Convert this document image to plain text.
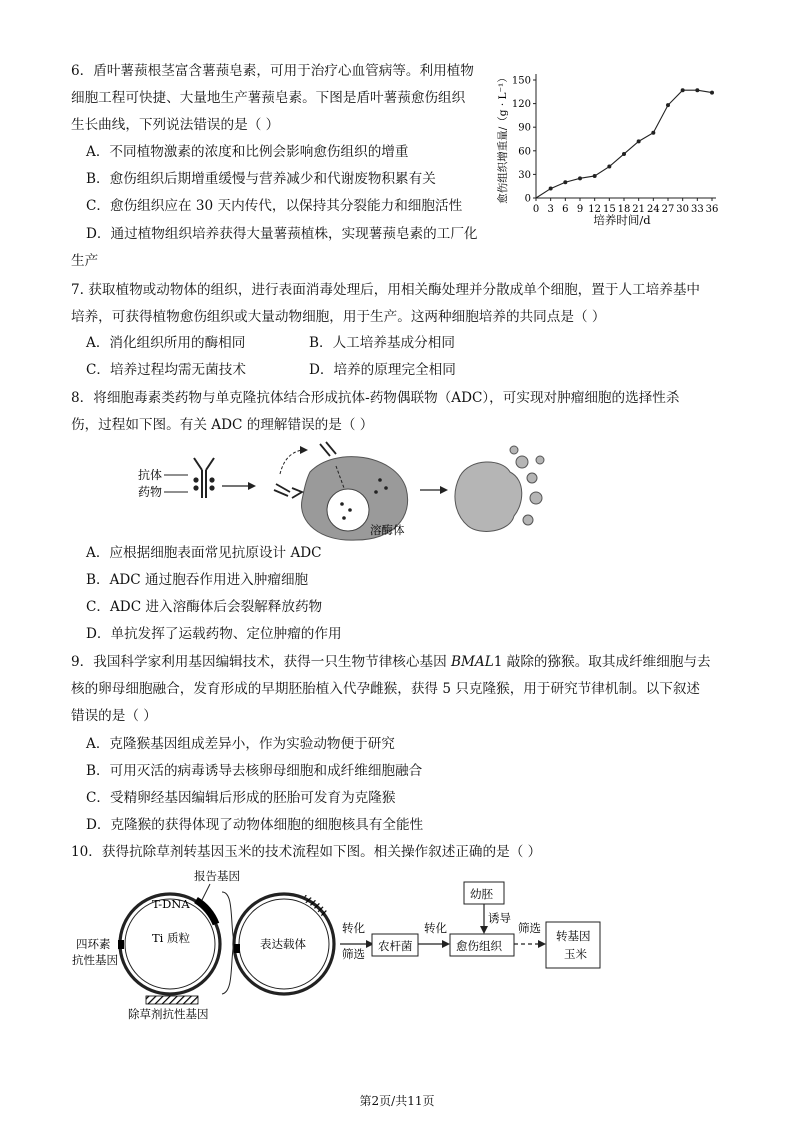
6．盾叶薯蓣根茎富含薯蓣皂素，可用于治疗心血管病等。利用植物
细胞工程可快捷、大量地生产薯蓣皂素。下图是盾叶薯蓣愈伤组织
生长曲线，下列说法错误的是（ ）
A．不同植物激素的浓度和比例会影响愈伤组织的增重
B．愈伤组织后期增重缓慢与营养减少和代谢废物积累有关
C．愈伤组织应在 30 天内传代，以保持其分裂能力和细胞活性
D．通过植物组织培养获得大量薯蓣植株，实现薯蓣皂素的工厂化
生产
0 3 6 9 12 15 18 21 24 27 30 33 36
0
30
60
90
120
150
愈伤组织增重量/（g · L⁻¹）
培养时间/d
7. 获取植物或动物体的组织，进行表面消毒处理后，用相关酶处理并分散成单个细胞，置于人工培养基中
培养，可获得植物愈伤组织或大量动物细胞，用于生产。这两种细胞培养的共同点是（ ）
A．消化组织所用的酶相同	B．人工培养基成分相同
C．培养过程均需无菌技术	D．培养的原理完全相同
8．将细胞毒素类药物与单克隆抗体结合形成抗体-药物偶联物（ADC），可实现对肿瘤细胞的选择性杀
伤，过程如下图。有关 ADC 的理解错误的是（ ）
抗体
药物
溶酶体
A．应根据细胞表面常见抗原设计 ADC
B．ADC 通过胞吞作用进入肿瘤细胞
C．ADC 进入溶酶体后会裂解释放药物
D．单抗发挥了运载药物、定位肿瘤的作用
9．我国科学家利用基因编辑技术，获得一只生物节律核心基因 BMAL1 敲除的猕猴。取其成纤维细胞与去
核的卵母细胞融合，发育形成的早期胚胎植入代孕雌猴，获得 5 只克隆猴，用于研究节律机制。以下叙述
错误的是（ ）
A．克隆猴基因组成差异小，作为实验动物便于研究
B．可用灭活的病毒诱导去核卵母细胞和成纤维细胞融合
C．受精卵经基因编辑后形成的胚胎可发育为克隆猴
D．克隆猴的获得体现了动物体细胞的细胞核具有全能性
10．获得抗除草剂转基因玉米的技术流程如下图。相关操作叙述正确的是（ ）
报告基因
T-DNA
Ti 质粒
四环素
抗性基因
除草剂抗性基因
表达载体
转化
筛选
农杆菌
转化
幼胚
诱导
愈伤组织
筛选
转基因
玉米
第2页/共11页
